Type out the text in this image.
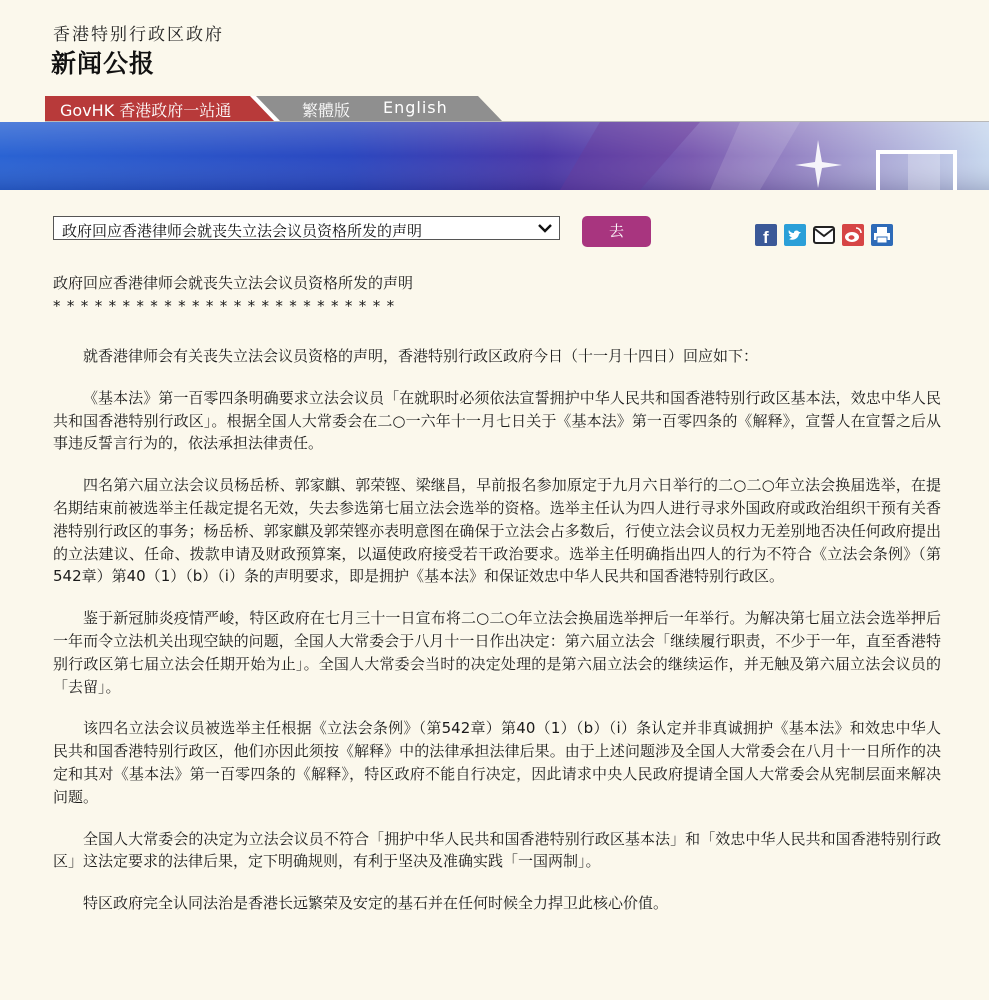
香港特别行政区政府
新闻公报
GovHK 香港政府一站通	繁體版 English
政府回应香港律师会就丧失立法会议员资格所发的声明	去	f

政府回应香港律师会就丧失立法会议员资格所发的声明

*************************

就香港律师会有关丧失立法会议员资格的声明，香港特别行政区政府今日（十一月十四日）回应如下：

《基本法》第一百零四条明确要求立法会议员「在就职时必须依法宣誓拥护中华人民共和国香港特别行政区基本法，效忠中华人民共和国香港特别行政区」。根据全国人大常委会在二○一六年十一月七日关于《基本法》第一百零四条的《解释》，宣誓人在宣誓之后从事违反誓言行为的，依法承担法律责任。

四名第六届立法会议员杨岳桥、郭家麒、郭荣铿、梁继昌，早前报名参加原定于九月六日举行的二○二○年立法会换届选举，在提名期结束前被选举主任裁定提名无效，失去参选第七届立法会选举的资格。选举主任认为四人进行寻求外国政府或政治组织干预有关香港特别行政区的事务；杨岳桥、郭家麒及郭荣铿亦表明意图在确保于立法会占多数后，行使立法会议员权力无差别地否决任何政府提出的立法建议、任命、拨款申请及财政预算案，以逼使政府接受若干政治要求。选举主任明确指出四人的行为不符合《立法会条例》（第542章）第40（1）（b）（i）条的声明要求，即是拥护《基本法》和保证效忠中华人民共和国香港特别行政区。

鉴于新冠肺炎疫情严峻，特区政府在七月三十一日宣布将二○二○年立法会换届选举押后一年举行。为解决第七届立法会选举押后一年而令立法机关出现空缺的问题，全国人大常委会于八月十一日作出决定：第六届立法会「继续履行职责，不少于一年，直至香港特别行政区第七届立法会任期开始为止」。全国人大常委会当时的决定处理的是第六届立法会的继续运作，并无触及第六届立法会议员的「去留」。

该四名立法会议员被选举主任根据《立法会条例》（第542章）第40（1）（b）（i）条认定并非真诚拥护《基本法》和效忠中华人民共和国香港特别行政区，他们亦因此须按《解释》中的法律承担法律后果。由于上述问题涉及全国人大常委会在八月十一日所作的决定和其对《基本法》第一百零四条的《解释》，特区政府不能自行决定，因此请求中央人民政府提请全国人大常委会从宪制层面来解决问题。

全国人大常委会的决定为立法会议员不符合「拥护中华人民共和国香港特别行政区基本法」和「效忠中华人民共和国香港特别行政区」这法定要求的法律后果，定下明确规则，有利于坚决及准确实践「一国两制」。

特区政府完全认同法治是香港长远繁荣及安定的基石并在任何时候全力捍卫此核心价值。
